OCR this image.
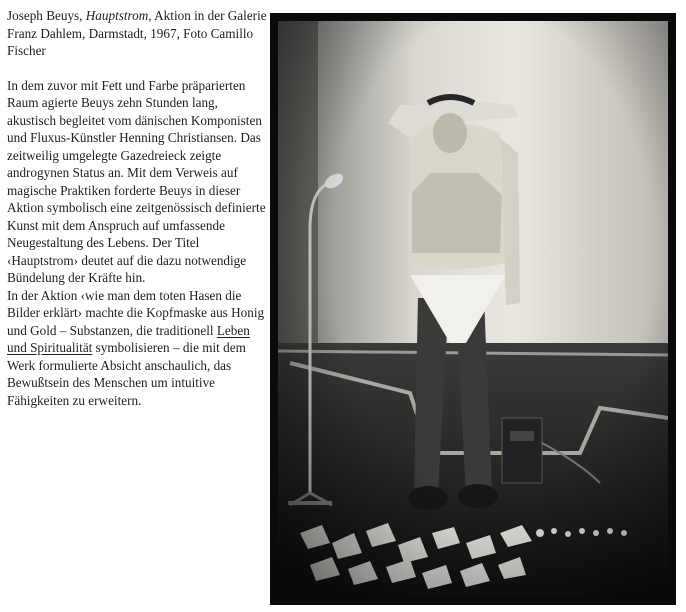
Joseph Beuys, Hauptstrom, Aktion in der Galerie Franz Dahlem, Darmstadt, 1967, Foto Camillo Fischer

In dem zuvor mit Fett und Farbe präparierten Raum agierte Beuys zehn Stunden lang, akustisch begleitet vom dänischen Komponisten und Fluxus-Künstler Henning Christiansen. Das zeitweilig umgelegte Gazedreieck zeigte androgynen Status an. Mit dem Verweis auf magische Praktiken forderte Beuys in dieser Aktion symbolisch eine zeitgenössisch definierte Kunst mit dem Anspruch auf umfassende Neugestaltung des Lebens. Der Titel ‹Hauptstrom› deutet auf die dazu notwendige Bündelung der Kräfte hin.

In der Aktion ‹wie man dem toten Hasen die Bilder erklärt› machte die Kopfmaske aus Honig und Gold – Substanzen, die traditionell Leben und Spiritualität symbolisieren – die mit dem Werk formulierte Absicht anschaulich, das Bewußtsein des Menschen um intuitive Fähigkeiten zu erweitern.
